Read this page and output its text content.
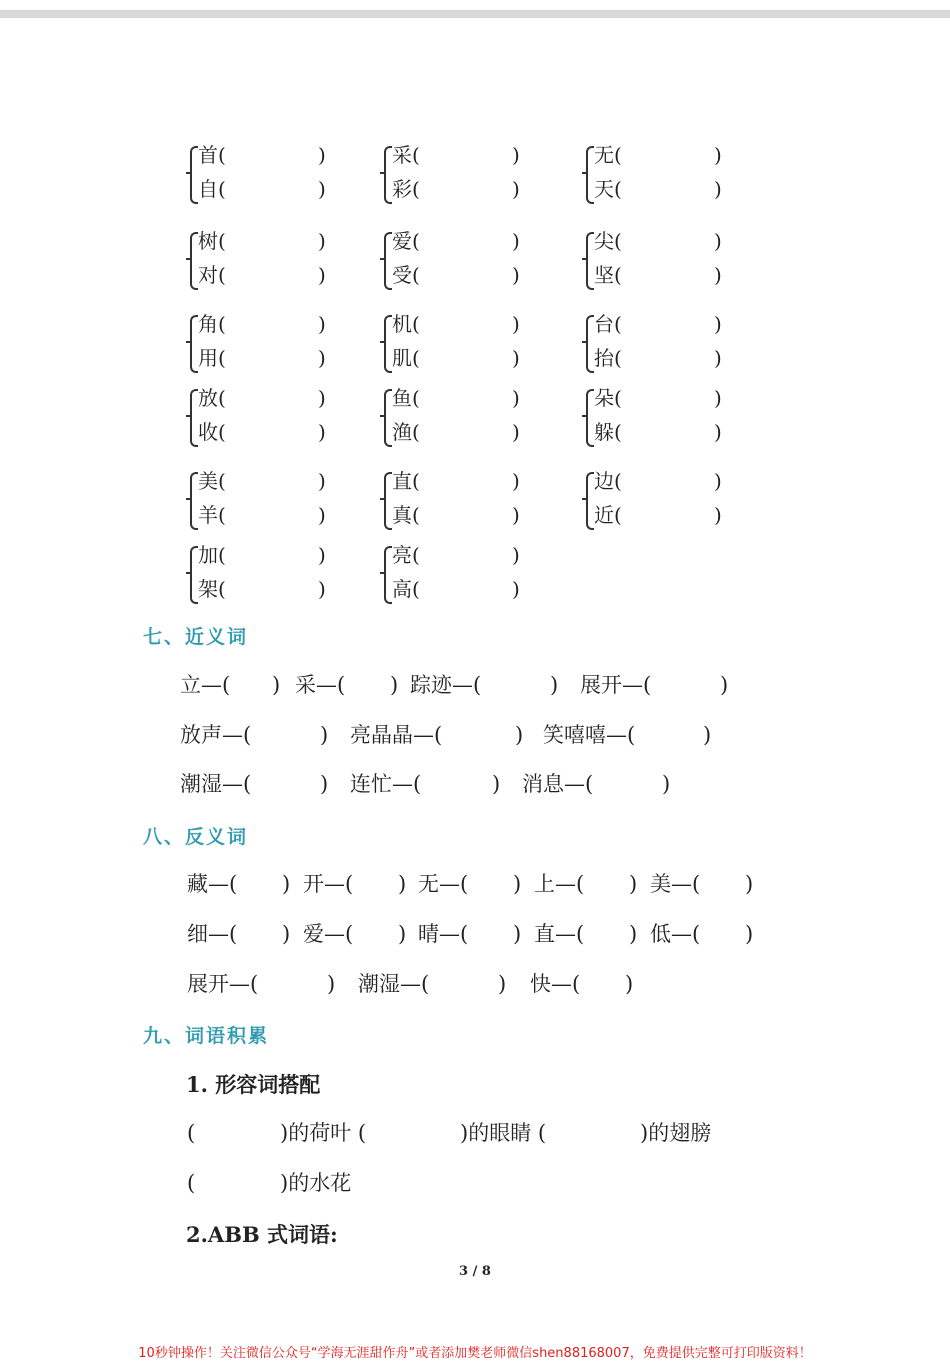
首(	)
自(	)
采(	)
彩(	)
无(	)
天(	)
树(	)
对(	)
爱(	)
受(	)
尖(	)
坚(	)
角(	)
用(	)
机(	)
肌(	)
台(	)
抬(	)
放(	)
收(	)
鱼(	)
渔(	)
朵(	)
躲(	)
美(	)
羊(	)
直(	)
真(	)
边(	)
近(	)
加(	)
架(	)
亮(	)
高(	)
七、近义词
立—( ) 采—( ) 踪迹—(	) 展开—(	)
放声—(	) 亮晶晶—(	) 笑嘻嘻—(	)
潮湿—(	) 连忙—(	) 消息—(	)
八、反义词
藏—( ) 开—( ) 无—( ) 上—( ) 美—( )
细—( ) 爱—( ) 晴—( ) 直—( ) 低—( )
展开—(	) 潮湿—(	) 快—( )
九、词语积累
1. 形容词搭配
(	)的荷叶 (	)的眼睛 (	)的翅膀
(	)的水花
2.ABB 式词语:
3 / 8
10秒钟操作！关注微信公众号“学海无涯甜作舟”或者添加樊老师微信shen88168007，免费提供完整可打印版资料！
